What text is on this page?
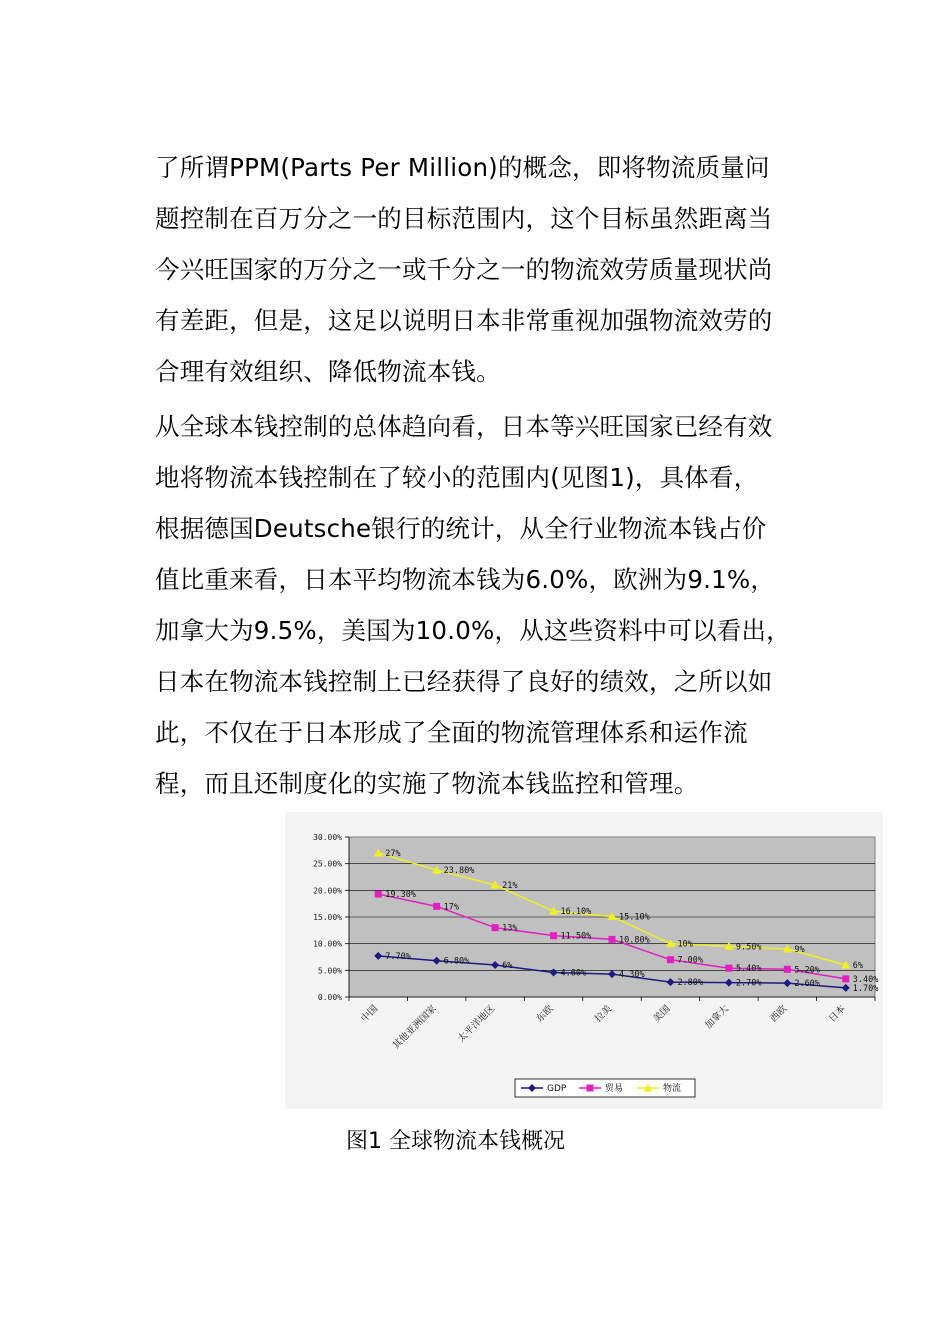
了所谓PPM(Parts Per Million)的概念，即将物流质量问
题控制在百万分之一的目标范围内，这个目标虽然距离当
今兴旺国家的万分之一或千分之一的物流效劳质量现状尚
有差距，但是，这足以说明日本非常重视加强物流效劳的
合理有效组织、降低物流本钱。
从全球本钱控制的总体趋向看，日本等兴旺国家已经有效
地将物流本钱控制在了较小的范围内(见图1)，具体看，
根据德国Deutsche银行的统计，从全行业物流本钱占价
值比重来看，日本平均物流本钱为6.0%，欧洲为9.1%，
加拿大为9.5%，美国为10.0%，从这些资料中可以看出，
日本在物流本钱控制上已经获得了良好的绩效，之所以如
此，不仅在于日本形成了全面的物流管理体系和运作流
程，而且还制度化的实施了物流本钱监控和管理。
0.00%
5.00%
10.00%
15.00%
20.00%
25.00%
30.00%
中国 其他亚洲国家 太平洋地区	东欧	拉美	美国	加拿大	西欧	日本
7.70%	6.80%	6%
4.60%	4.30%
2.80%	2.70%	2.60%	1.70%
19.30%
17%
13%
11.50%	10.80%
7.00%
5.40%	5.20%
3.40%
27%
23.80%
21%
16.10%
15.10%
10%	9.50%	9%
6%
GDP	贸易	物流
图1 全球物流本钱概况
